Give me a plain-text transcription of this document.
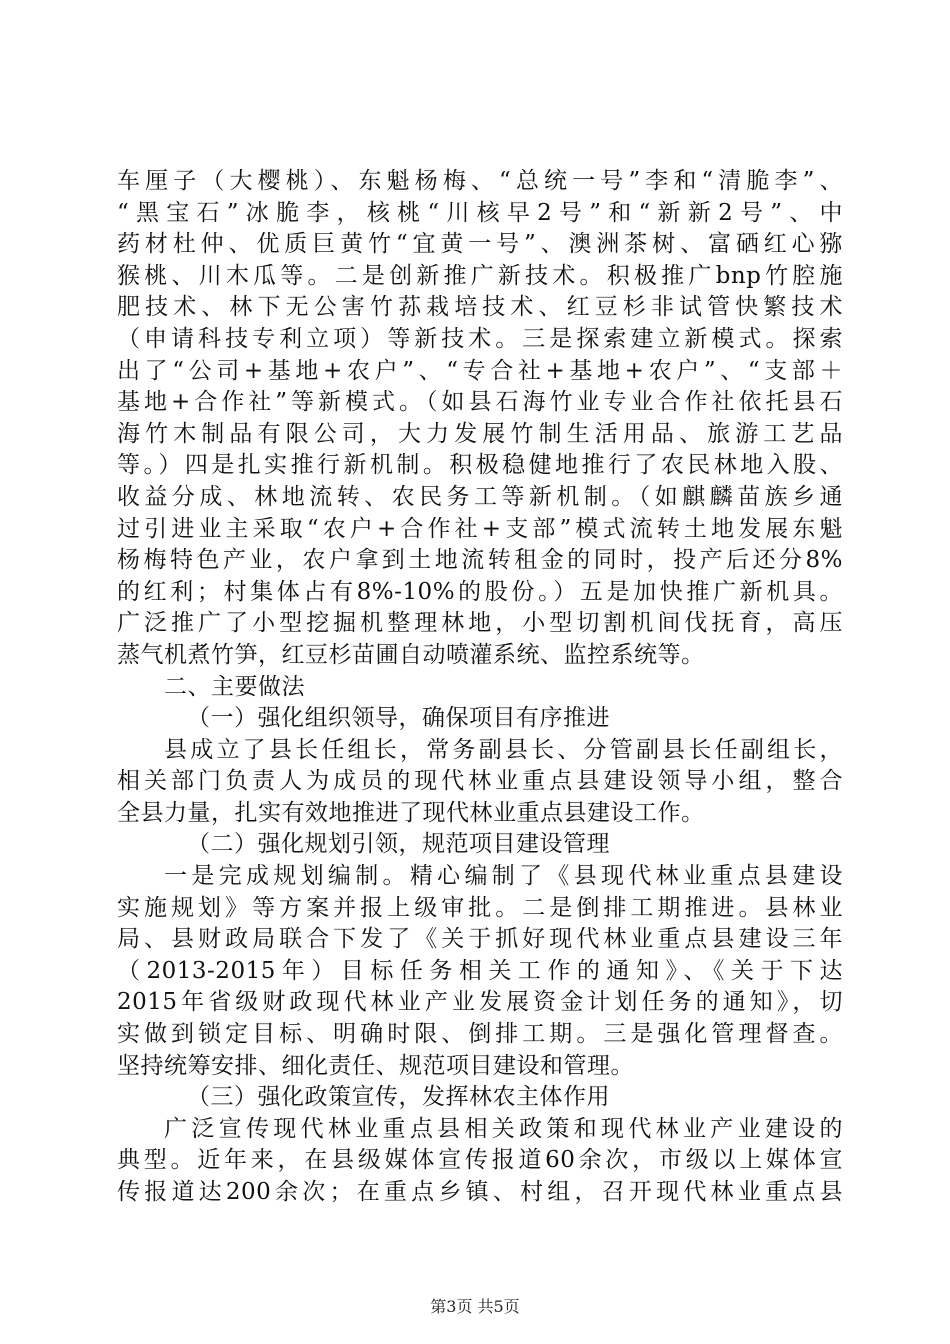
车厘子（大樱桃）、东魁杨梅、“总统一号”李和“清脆李”、
“黑宝石”冰脆李，核桃“川核早2号”和“新新2号”、中
药材杜仲、优质巨黄竹“宜黄一号”、澳洲茶树、富硒红心猕
猴桃、川木瓜等。二是创新推广新技术。积极推广bnp竹腔施
肥技术、林下无公害竹荪栽培技术、红豆杉非试管快繁技术
（申请科技专利立项）等新技术。三是探索建立新模式。探索
出了“公司+基地+农户”、“专合社+基地+农户”、“支部＋
基地+合作社”等新模式。（如县石海竹业专业合作社依托县石
海竹木制品有限公司，大力发展竹制生活用品、旅游工艺品
等。）四是扎实推行新机制。积极稳健地推行了农民林地入股、
收益分成、林地流转、农民务工等新机制。（如麒麟苗族乡通
过引进业主采取“农户+合作社+支部”模式流转土地发展东魁
杨梅特色产业，农户拿到土地流转租金的同时，投产后还分8%
的红利；村集体占有8%-10%的股份。）五是加快推广新机具。
广泛推广了小型挖掘机整理林地，小型切割机间伐抚育，高压
蒸气机煮竹笋，红豆杉苗圃自动喷灌系统、监控系统等。
二、主要做法
（一）强化组织领导，确保项目有序推进
县成立了县长任组长，常务副县长、分管副县长任副组长，
相关部门负责人为成员的现代林业重点县建设领导小组，整合
全县力量，扎实有效地推进了现代林业重点县建设工作。
（二）强化规划引领，规范项目建设管理
一是完成规划编制。精心编制了《县现代林业重点县建设
实施规划》等方案并报上级审批。二是倒排工期推进。县林业
局、县财政局联合下发了《关于抓好现代林业重点县建设三年
（2013-2015年）目标任务相关工作的通知》、《关于下达
2015年省级财政现代林业产业发展资金计划任务的通知》，切
实做到锁定目标、明确时限、倒排工期。三是强化管理督查。
坚持统筹安排、细化责任、规范项目建设和管理。
（三）强化政策宣传，发挥林农主体作用
广泛宣传现代林业重点县相关政策和现代林业产业建设的
典型。近年来，在县级媒体宣传报道60余次，市级以上媒体宣
传报道达200余次；在重点乡镇、村组，召开现代林业重点县
第3页 共5页
